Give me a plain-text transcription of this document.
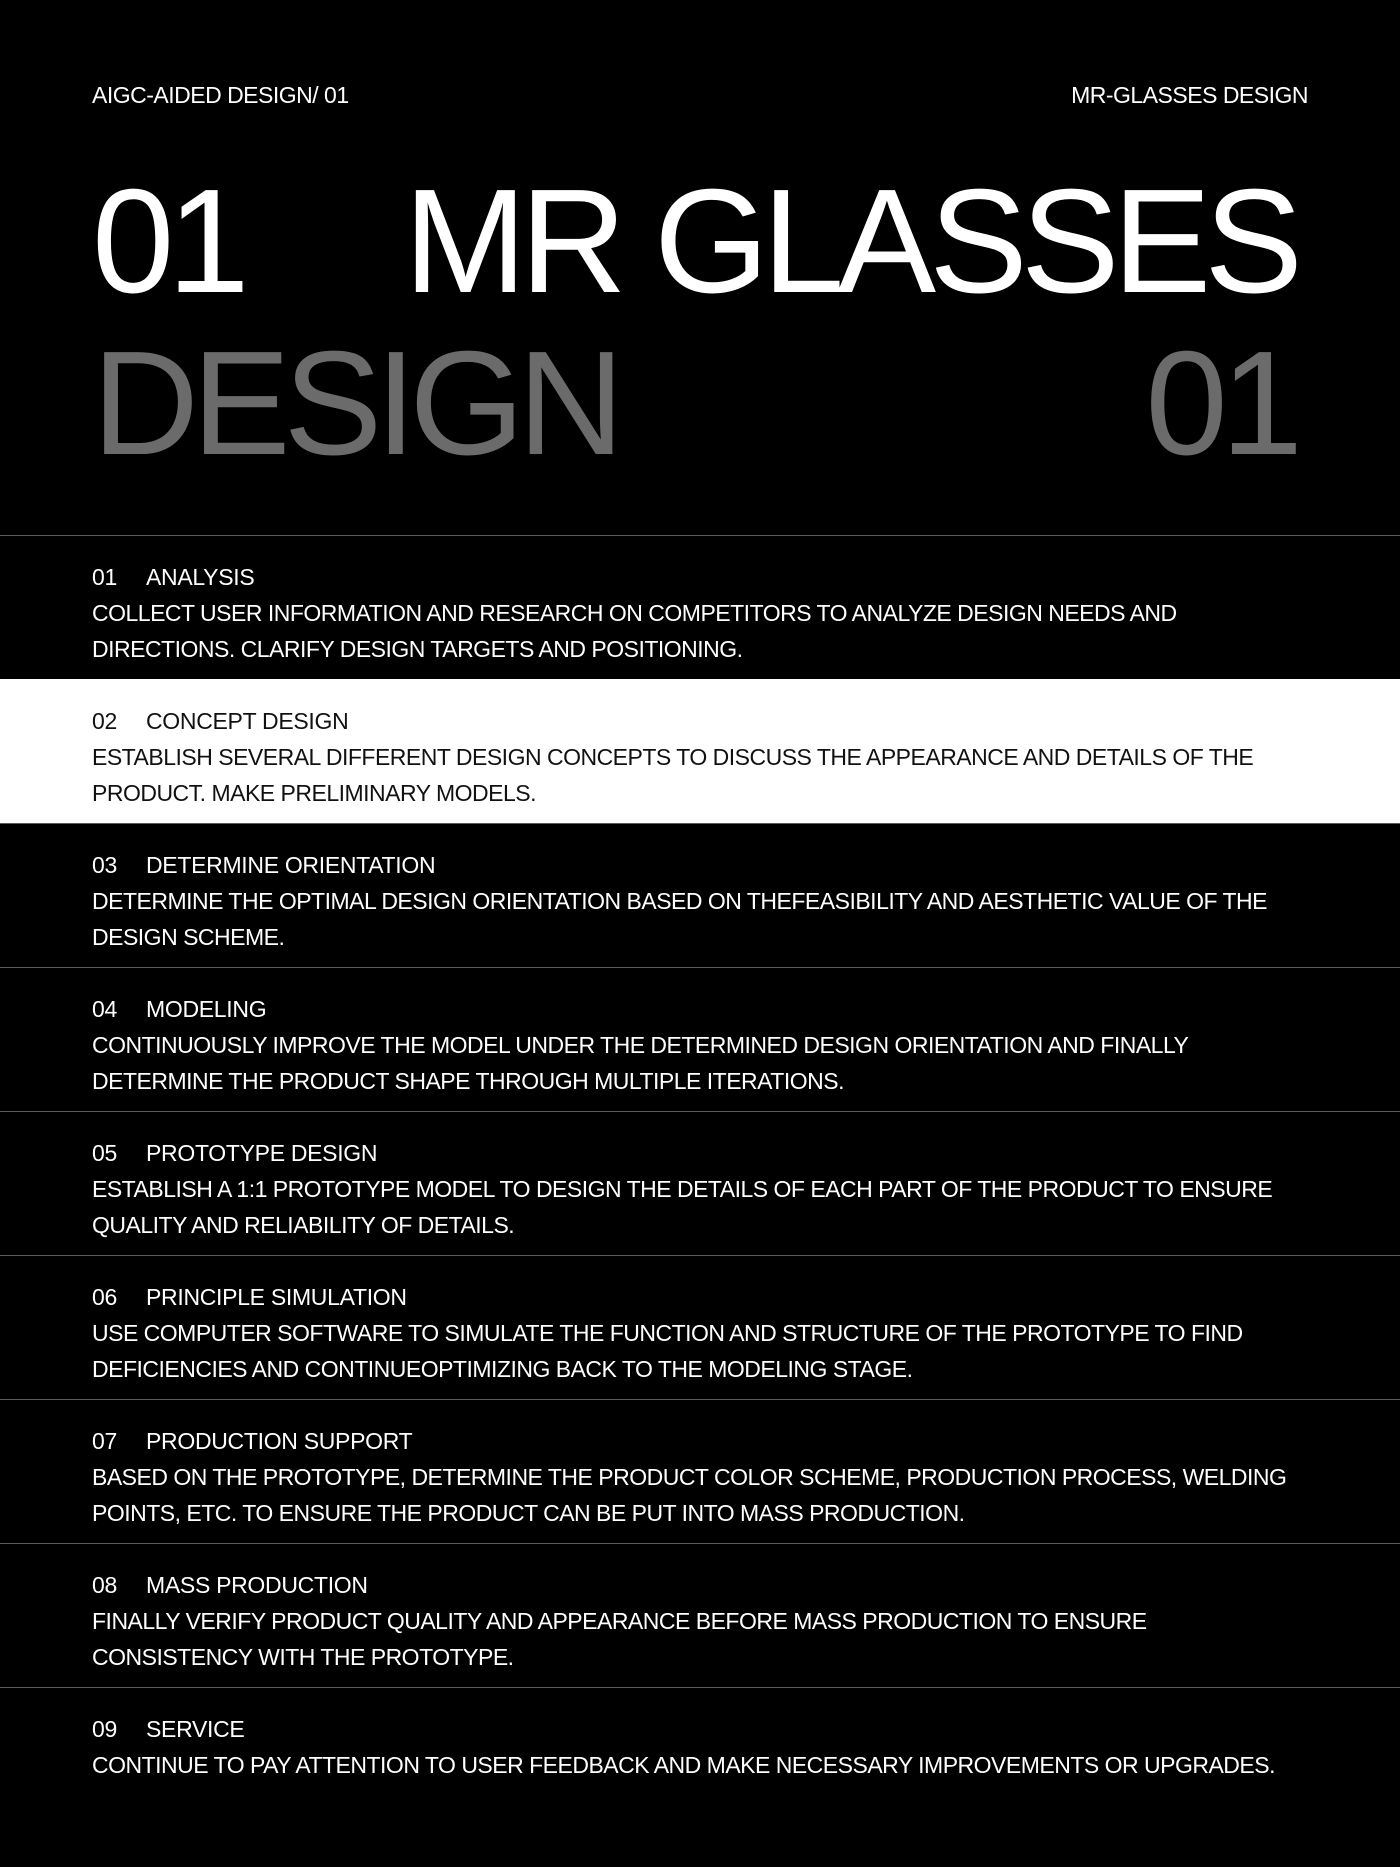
AIGC-AIDED DESIGN/ 01	MR-GLASSES DESIGN
01 MR GLASSES
DESIGN	01
01 ANALYSIS
COLLECT USER INFORMATION AND RESEARCH ON COMPETITORS TO ANALYZE DESIGN NEEDS AND DIRECTIONS. CLARIFY DESIGN TARGETS AND POSITIONING.
02 CONCEPT DESIGN
ESTABLISH SEVERAL DIFFERENT DESIGN CONCEPTS TO DISCUSS THE APPEARANCE AND DETAILS OF THE PRODUCT. MAKE PRELIMINARY MODELS.
03 DETERMINE ORIENTATION
DETERMINE THE OPTIMAL DESIGN ORIENTATION BASED ON THEFEASIBILITY AND AESTHETIC VALUE OF THE DESIGN SCHEME.
04 MODELING
CONTINUOUSLY IMPROVE THE MODEL UNDER THE DETERMINED DESIGN ORIENTATION AND FINALLY DETERMINE THE PRODUCT SHAPE THROUGH MULTIPLE ITERATIONS.
05 PROTOTYPE DESIGN
ESTABLISH A 1:1 PROTOTYPE MODEL TO DESIGN THE DETAILS OF EACH PART OF THE PRODUCT TO ENSURE QUALITY AND RELIABILITY OF DETAILS.
06 PRINCIPLE SIMULATION
USE COMPUTER SOFTWARE TO SIMULATE THE FUNCTION AND STRUCTURE OF THE PROTOTYPE TO FIND DEFICIENCIES AND CONTINUEOPTIMIZING BACK TO THE MODELING STAGE.
07 PRODUCTION SUPPORT
BASED ON THE PROTOTYPE, DETERMINE THE PRODUCT COLOR SCHEME, PRODUCTION PROCESS, WELDING POINTS, ETC. TO ENSURE THE PRODUCT CAN BE PUT INTO MASS PRODUCTION.
08 MASS PRODUCTION
FINALLY VERIFY PRODUCT QUALITY AND APPEARANCE BEFORE MASS PRODUCTION TO ENSURE CONSISTENCY WITH THE PROTOTYPE.
09 SERVICE
CONTINUE TO PAY ATTENTION TO USER FEEDBACK AND MAKE NECESSARY IMPROVEMENTS OR UPGRADES.
